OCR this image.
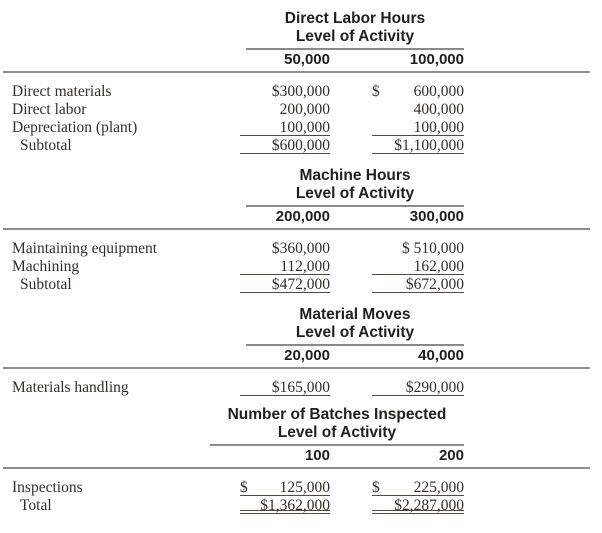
Direct Labor Hours
Level of Activity
50,000	100,000
Direct materials	$300,000	$ 600,000
Direct labor	200,000	400,000
Depreciation (plant)	100,000	100,000
Subtotal	$600,000	$1,100,000
Machine Hours
Level of Activity
200,000	300,000
Maintaining equipment	$360,000	$ 510,000
Machining	112,000	162,000
Subtotal	$472,000	$672,000
Material Moves
Level of Activity
20,000	40,000
Materials handling	$165,000	$290,000
Number of Batches Inspected
Level of Activity
100	200
Inspections	$ 125,000	$ 225,000
Total	$1,362,000	$2,287,000
